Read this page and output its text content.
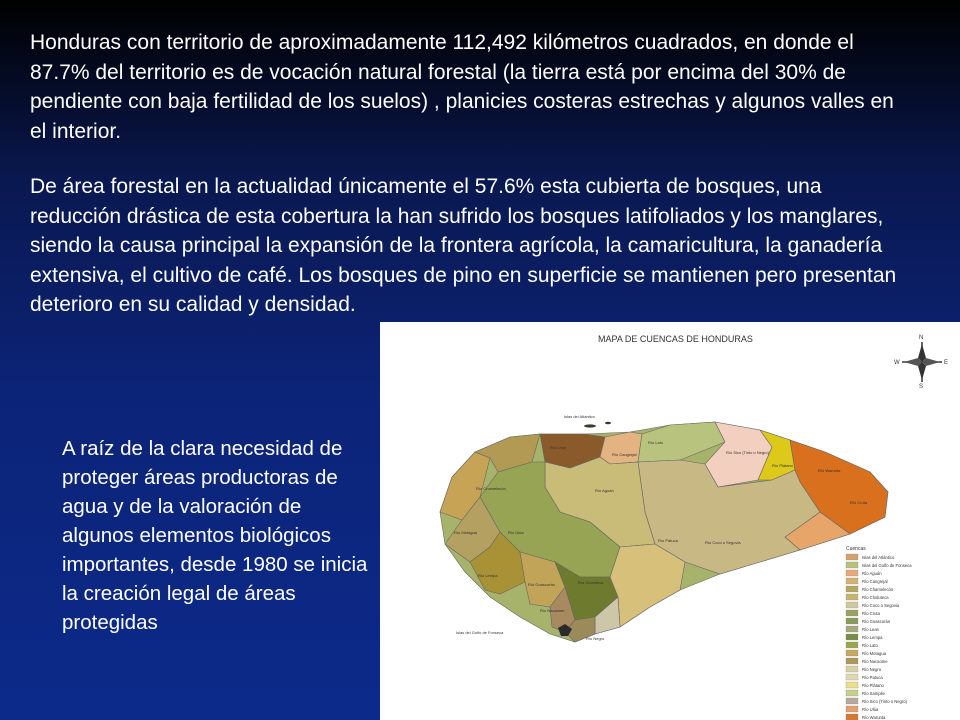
Honduras con territorio de aproximadamente 112,492 kilómetros cuadrados, en donde el 87.7% del territorio es de vocación natural forestal (la tierra está por encima del 30% de pendiente con baja fertilidad de los suelos) , planicies costeras estrechas y algunos valles en el interior.

De área forestal en la actualidad únicamente el 57.6% esta cubierta de bosques, una reducción drástica de esta cobertura la han sufrido los bosques latifoliados y los manglares, siendo la causa principal la expansión de la frontera agrícola, la camaricultura, la ganadería extensiva, el cultivo de café. Los bosques de pino en superficie se mantienen pero presentan deterioro en su calidad y densidad.

A raíz de la clara necesidad de proteger áreas productoras de agua y de la valoración de algunos elementos biológicos importantes, desde 1980 se inicia la creación legal de áreas protegidas

MAPA DE CUENCAS DE HONDURAS	N
S
E
W
Islas del Atlántico
Islas del Golfo de Fonseca
Río Lean
Río Cangrejal
Río Lato
Río Sico (Tinto o Negro)
Río Plátano
Río Warunta
Río Cruta
Río Chamelecón	Río Aguán
Río Motagua	Río Ulúa
Río Patuca	Río Coco o Segovia
Río Lempa
Río Goascorán	Río Choluteca
Río Nacaome
Río Negro
Cuencas
Islas del Atlántico
Islas del Golfo de Fonseca
Río Aguán
Río Cangrejal
Río Chamelecón
Río Choluteca
Río Coco o Segovia
Río Cruta
Río Goascorán
Río Lean
Río Lempa
Río Lato
Río Motagua
Río Nacaome
Río Negro
Río Patuca
Río Plátano
Río Sampile
Río Sico (Tinto o Negro)
Río Ulúa
Río Warunta
